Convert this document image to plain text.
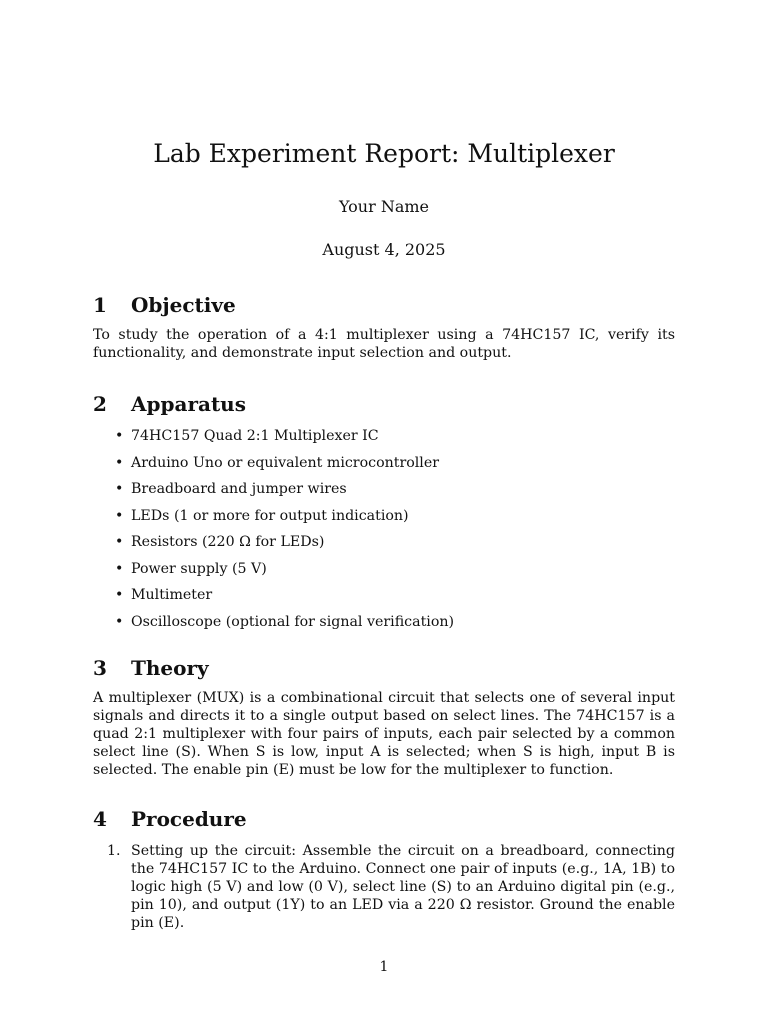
Lab Experiment Report: Multiplexer
Your Name
August 4, 2025
1	Objective

To study the operation of a 4:1 multiplexer using a 74HC157 IC, verify its functionality, and demonstrate input selection and output.

2	Apparatus
• 74HC157 Quad 2:1 Multiplexer IC
• Arduino Uno or equivalent microcontroller
• Breadboard and jumper wires
• LEDs (1 or more for output indication)
• Resistors (220 Ω for LEDs)
• Power supply (5 V)
• Multimeter
• Oscilloscope (optional for signal verification)
3	Theory

A multiplexer (MUX) is a combinational circuit that selects one of several input signals and directs it to a single output based on select lines. The 74HC157 is a quad 2:1 multiplexer with four pairs of inputs, each pair selected by a common select line (S). When S is low, input A is selected; when S is high, input B is selected. The enable pin (E) must be low for the multiplexer to function.

4	Procedure
1. Setting up the circuit: Assemble the circuit on a breadboard, connecting the 74HC157 IC to the Arduino. Connect one pair of inputs (e.g., 1A, 1B) to logic high (5 V) and low (0 V), select line (S) to an Arduino digital pin (e.g., pin 10), and output (1Y) to an LED via a 220 Ω resistor. Ground the enable pin (E).
1
